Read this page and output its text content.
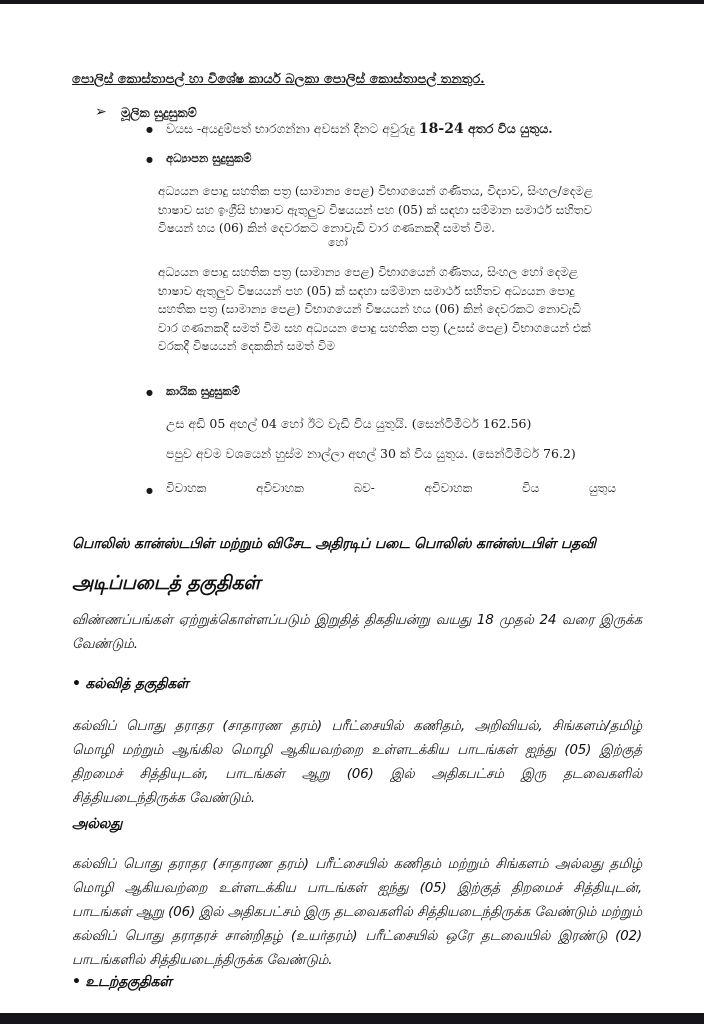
පොලිස් කොස්තාපල් හා විශේෂ කාර්ය බලකා පොලිස් කොස්තාපල් තනතුර.
➢ මූලික සුදුසුකම්
● වයස -අයදුම්පත් භාරගන්නා අවසන් දිනට අවුරුදු 18-24 අතර විය යුතුය.
● අධ්‍යාපන සුදුසුකම්
අධ්‍යයන පොදු සහතික පත්‍ර (සාමාන්‍ය පෙළ) විභාගයෙන් ගණිතය, විද්‍යාව, සිංහල/දෙමළ
භාෂාව සහ ඉංග්‍රීසි භාෂාව ඇතුලුව විෂයයන් පහ (05) ක් සඳහා සම්මාන සමාර්ථ සහිතව
විෂයන් හය (06) කින් දෙවරකට නොවැඩි වාර ගණනකදී සමත් විම.
හෝ
අධ්‍යයන පොදු සහතික පත්‍ර (සාමාන්‍ය පෙළ) විභාගයෙන් ගණිතය, සිංහල හෝ දෙමළ
භාෂාව ඇතුලුව විෂයයන් පහ (05) ක් සඳහා සම්මාන සමාර්ථ සහිතව අධ්‍යයන පොදු
සහතික පත්‍ර (සාමාන්‍ය පෙළ) විභාගයෙන් විෂයයන් හය (06) කින් දෙවරකට නොවැඩි
වාර ගණනකදී සමත් විම සහ අධ්‍යයන පොදු සහතික පත්‍ර (උසස් පෙළ) විභාගයෙන් එක්
වරකදී විෂයයන් දෙකකින් සමත් විම
● කායික සුදුසුකම්
උස අඩි 05 අඟල් 04 හෝ ඊට වැඩි විය යුතුයි. (සෙන්ටිමීටර් 162.56)
පපුව අවම වශයෙන් හුස්ම නාල්ලා අඟල් 30 ක් විය යුතුය. (සෙන්ටිමීටර් 76.2)
● විවාහක	අවිවාහක	බව-	අවිවාහක	විය	යුතුය
பொலிஸ் கான்ஸ்டபிள் மற்றும் விசேட அதிரடிப் படை பொலிஸ் கான்ஸ்டபிள் பதவி
அடிப்படைத் தகுதிகள்
விண்ணப்பங்கள் ஏற்றுக்கொள்ளப்படும் இறுதித் திகதியன்று வயது 18 முதல் 24 வரை இருக்க வேண்டும்.
• கல்வித் தகுதிகள்
கல்விப் பொது தராதர (சாதாரண தரம்) பரீட்சையில் கணிதம், அறிவியல், சிங்களம்/தமிழ் மொழி மற்றும் ஆங்கில மொழி ஆகியவற்றை உள்ளடக்கிய பாடங்கள் ஐந்து (05) இற்குத் திறமைச் சித்தியுடன், பாடங்கள் ஆறு (06) இல் அதிகபட்சம் இரு தடவைகளில் சித்தியடைந்திருக்க வேண்டும்.
அல்லது
கல்விப் பொது தராதர (சாதாரண தரம்) பரீட்சையில் கணிதம் மற்றும் சிங்களம் அல்லது தமிழ் மொழி ஆகியவற்றை உள்ளடக்கிய பாடங்கள் ஐந்து (05) இற்குத் திறமைச் சித்தியுடன், பாடங்கள் ஆறு (06) இல் அதிகபட்சம் இரு தடவைகளில் சித்தியடைந்திருக்க வேண்டும் மற்றும் கல்விப் பொது தராதரச் சான்றிதழ் (உயர்தரம்) பரீட்சையில் ஒரே தடவையில் இரண்டு (02) பாடங்களில் சித்தியடைந்திருக்க வேண்டும்.
• உடற்தகுதிகள்
